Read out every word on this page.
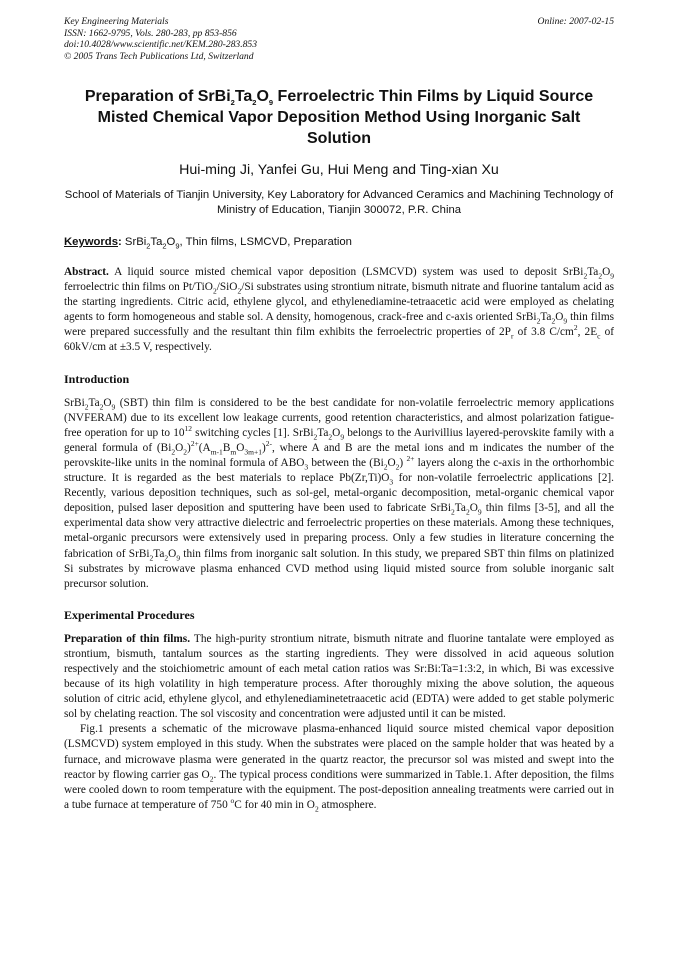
Key Engineering Materials
ISSN: 1662-9795, Vols. 280-283, pp 853-856
doi:10.4028/www.scientific.net/KEM.280-283.853
© 2005 Trans Tech Publications Ltd, Switzerland
Online: 2007-02-15
Preparation of $SrBi_2Ta_2O_9$ Ferroelectric Thin Films by Liquid Source Misted Chemical Vapor Deposition Method Using Inorganic Salt Solution
Hui-ming Ji, Yanfei Gu, Hui Meng and Ting-xian Xu
School of Materials of Tianjin University, Key Laboratory for Advanced Ceramics and Machining Technology of Ministry of Education, Tianjin 300072, P.R. China
Keywords: $SrBi_2Ta_2O_9$, Thin films, LSMCVD, Preparation
Abstract. A liquid source misted chemical vapor deposition (LSMCVD) system was used to deposit $SrBi_2Ta_2O_9$ ferroelectric thin films on Pt/TiO$_2$/SiO$_2$/Si substrates using strontium nitrate, bismuth nitrate and fluorine tantalum acid as the starting ingredients. Citric acid, ethylene glycol, and ethylenediamine-tetraacetic acid were employed as chelating agents to form homogeneous and stable sol. A density, homogenous, crack-free and c-axis oriented $SrBi_2Ta_2O_9$ thin films were prepared successfully and the resultant thin film exhibits the ferroelectric properties of $2P_r$ of 3.8 $C/cm^2$, $2E_c$ of 60kV/cm at ±3.5 V, respectively.
Introduction

$SrBi_2Ta_2O_9$ (SBT) thin film is considered to be the best candidate for non-volatile ferroelectric memory applications (NVFERAM) due to its excellent low leakage currents, good retention characteristics, and almost polarization fatigue-free operation for up to $10^{12}$ switching cycles [1]. $SrBi_2Ta_2O_9$ belongs to the Aurivillius layered-perovskite family with a general formula of $(Bi_2O_2)^{2+}(A_{m-1}B_mO_{3m+1})^{2-}$, where A and B are the metal ions and m indicates the number of the perovskite-like units in the nominal formula of $ABO_3$ between the $(Bi_2O_2)$ $^{2+}$ layers along the c-axis in the orthorhombic structure. It is regarded as the best materials to replace $Pb(Zr,Ti)O_3$ for non-volatile ferroelectric applications [2]. Recently, various deposition techniques, such as sol-gel, metal-organic decomposition, metal-organic chemical vapor deposition, pulsed laser deposition and sputtering have been used to fabricate $SrBi_2Ta_2O_9$ thin films [3-5], and all the experimental data show very attractive dielectric and ferroelectric properties on these materials. Among these techniques, metal-organic precursors were extensively used in preparing process. Only a few studies in literature concerning the fabrication of $SrBi_2Ta_2O_9$ thin films from inorganic salt solution. In this study, we prepared SBT thin films on platinized Si substrates by microwave plasma enhanced CVD method using liquid misted source from soluble inorganic salt precursor solution.

Experimental Procedures

Preparation of thin films. The high-purity strontium nitrate, bismuth nitrate and fluorine tantalate were employed as strontium, bismuth, tantalum sources as the starting ingredients. They were dissolved in acid aqueous solution respectively and the stoichiometric amount of each metal cation ratios was Sr:Bi:Ta=1:3:2, in which, Bi was excessive because of its high volatility in high temperature process. After thoroughly mixing the above solution, the aqueous solution of citric acid, ethylene glycol, and ethylenediaminetetraacetic acid (EDTA) were added to get stable polymeric sol by chelating reaction. The sol viscosity and concentration were adjusted until it can be misted.

Fig.1 presents a schematic of the microwave plasma-enhanced liquid source misted chemical vapor deposition (LSMCVD) system employed in this study. When the substrates were placed on the sample holder that was heated by a furnace, and microwave plasma were generated in the quartz reactor, the precursor sol was misted and swept into the reactor by flowing carrier gas $O_2$. The typical process conditions were summarized in Table.1. After deposition, the films were cooled down to room temperature with the equipment. The post-deposition annealing treatments were carried out in a tube furnace at temperature of 750 $^o$C for 40 min in $O_2$ atmosphere.
